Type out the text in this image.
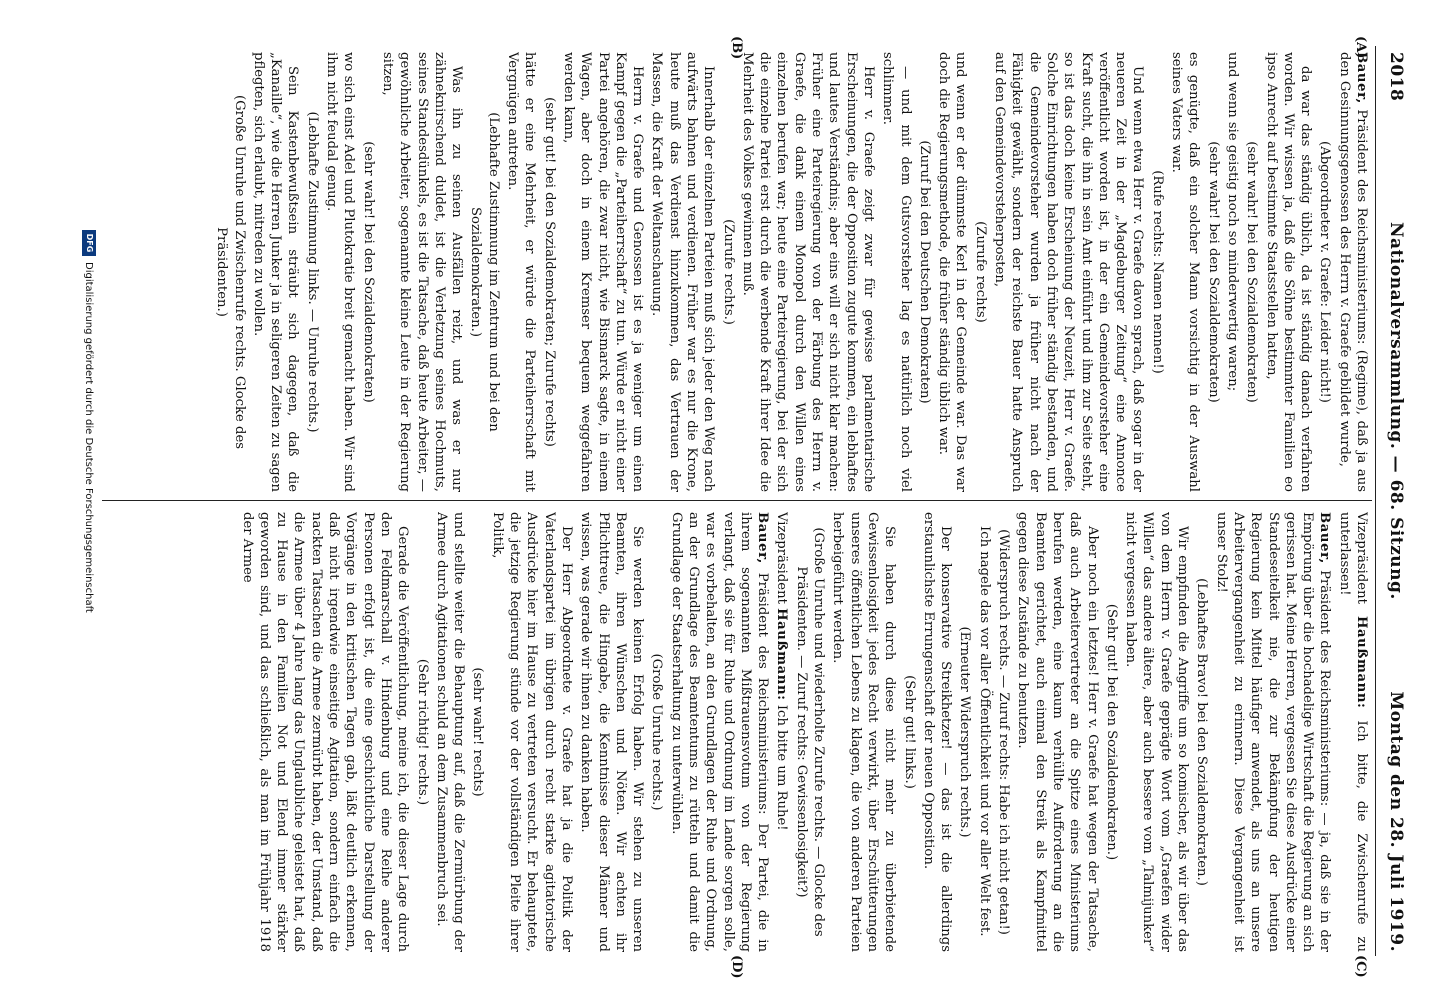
2018
Nationalversammlung. — 68. Sitzung.
Montag den 28. Juli 1919.
(A)
(B)
(C)
(D)

Bauer, Präsident des Reichsministeriums: (Regime), daß ja aus den Gesinnungsgenossen des Herrn v. Graefe gebildet wurde,

(Abgeordneter v. Graefe: Leider nicht!)

da war das ständig üblich, da ist ständig danach verfahren worden. Wir wissen ja, daß die Söhne bestimmter Familien eo ipso Anrecht auf bestimmte Staatsstellen hatten,

(sehr wahr! bei den Sozialdemokraten)

und wenn sie geistig noch so minderwertig waren;

(sehr wahr! bei den Sozialdemokraten)

es genügte, daß ein solcher Mann vorsichtig in der Auswahl seines Vaters war.

(Rufe rechts: Namen nennen!)

Und wenn etwa Herr v. Graefe davon sprach, daß sogar in der neueren Zeit in der „Magdeburger Zeitung“ eine Annonce veröffentlicht worden ist, in der ein Gemeindevorsteher eine Kraft sucht, die ihn in sein Amt einführt und ihm zur Seite steht, so ist das doch keine Erscheinung der Neuzeit, Herr v. Graefe. Solche Einrichtungen haben doch früher ständig bestanden, und die Gemeindevorsteher wurden ja früher nicht nach der Fähigkeit gewählt, sondern der reichste Bauer hatte Anspruch auf den Gemeindevorsteherposten,

(Zurufe rechts)

und wenn er der dümmste Kerl in der Gemeinde war. Das war doch die Regierungsmethode, die früher ständig üblich war.

(Zuruf bei den Deutschen Demokraten)

— und mit dem Gutsvorsteher lag es natürlich noch viel schlimmer.

Herr v. Graefe zeigt zwar für gewisse parlamentarische Erscheinungen, die der Opposition zugute kommen, ein lebhaftes und lautes Verständnis; aber eins will er sich nicht klar machen: Früher eine Parteiregierung von der Färbung des Herrn v. Graefe, die dank einem Monopol durch den Willen eines einzelnen berufen war; heute eine Parteiregierung, bei der sich die einzelne Partei erst durch die werbende Kraft ihrer Idee die Mehrheit des Volkes gewinnen muß.

(Zurufe rechts.)

Innerhalb der einzelnen Parteien muß sich jeder den Weg nach aufwärts bahnen und verdienen. Früher war es nur die Krone, heute muß das Verdienst hinzukommen, das Vertrauen der Massen, die Kraft der Weltanschauung.

Herrn v. Graefe und Genossen ist es ja weniger um einen Kampf gegen die „Parteiherrschaft“ zu tun. Würde er nicht einer Partei angehören, die zwar nicht, wie Bismarck sagte, in einem Wagen, aber doch in einem Kremser bequem weggefahren werden kann,

(sehr gut! bei den Sozialdemokraten; Zurufe rechts)

hätte er eine Mehrheit, er würde die Parteiherrschaft mit Vergnügen antreten.

(Lebhafte Zustimmung im Zentrum und bei den Sozialdemokraten.)

Was ihn zu seinen Ausfällen reizt, und was er nur zähneknirschend duldet, ist die Verletzung seines Hochmuts, seines Standesdünkels, es ist die Tatsache, daß heute Arbeiter, — gewöhnliche Arbeiter, sogenannte kleine Leute in der Regierung sitzen,

(sehr wahr! bei den Sozialdemokraten)

wo sich einst Adel und Plutokratie breit gemacht haben. Wir sind ihm nicht feudal genug.

(Lebhafte Zustimmung links. — Unruhe rechts.)

Sein Kastenbewußtsein sträubt sich dagegen, daß die „Kanaille“, wie die Herren Junker ja in seligeren Zeiten zu sagen pflegten, sich erlaubt, mitreden zu wollen.

(Große Unruhe und Zwischenrufe rechts. Glocke des Präsidenten.)

Vizepräsident Haußmann: Ich bitte, die Zwischenrufe zu unterlassen!

Bauer, Präsident des Reichsministeriums: — ja, daß sie in der Empörung über die hochadelige Wirtschaft die Regierung an sich gerissen hat. Meine Herren, vergessen Sie diese Ausdrücke einer Standeseitelkeit nie, die zur Bekämpfung der heutigen Regierung kein Mittel häufiger anwendet, als uns an unsere Arbeitervergangenheit zu erinnern. Diese Vergangenheit ist unser Stolz!

(Lebhaftes Bravo! bei den Sozialdemokraten.)

Wir empfinden die Angriffe um so komischer, als wir über das von dem Herrn v. Graefe geprägte Wort vom „Graefen wider Willen“ das andere ältere, aber auch bessere vom „Talmijunker“ nicht vergessen haben.

(Sehr gut! bei den Sozialdemokraten.)

Aber noch ein letztes! Herr v. Graefe hat wegen der Tatsache, daß auch Arbeitervertreter an die Spitze eines Ministeriums berufen werden, eine kaum verhüllte Aufforderung an die Beamten gerichtet, auch einmal den Streik als Kampfmittel gegen diese Zustände zu benutzen.

(Widerspruch rechts. — Zuruf rechts: Habe ich nicht getan!)

Ich nagele das vor aller Öffentlichkeit und vor aller Welt fest.

(Erneuter Widerspruch rechts.)

Der konservative Streikhetzer! — das ist die allerdings erstaunlichste Errungenschaft der neuen Opposition.

(Sehr gut! links.)

Sie haben durch diese nicht mehr zu überbietende Gewissenlosigkeit jedes Recht verwirkt, über Erschütterungen unseres öffentlichen Lebens zu klagen, die von anderen Parteien herbeigeführt werden.

(Große Unruhe und wiederholte Zurufe rechts. — Glocke des Präsidenten. — Zuruf rechts: Gewissenlosigkeit?)

Vizepräsident Haußmann: Ich bitte um Ruhe!

Bauer, Präsident des Reichsministeriums: Der Partei, die in ihrem sogenannten Mißtrauensvotum von der Regierung verlangt, daß sie für Ruhe und Ordnung im Lande sorgen solle, war es vorbehalten, an den Grundlagen der Ruhe und Ordnung, an der Grundlage des Beamtentums zu rütteln und damit die Grundlage der Staatserhaltung zu unterwühlen.

(Große Unruhe rechts.)

Sie werden keinen Erfolg haben. Wir stehen zu unseren Beamten, ihren Wünschen und Nöten. Wir achten ihr Pflichttreue, die Hingabe, die Kenntnisse dieser Männer und wissen, was gerade wir ihnen zu danken haben.

Der Herr Abgeordnete v. Graefe hat ja die Politik der Vaterlandspartei im übrigen durch recht starke agitatorische Ausdrücke hier im Hause zu vertreten versucht. Er behauptete, die jetzige Regierung stünde vor der vollständigen Pleite ihrer Politik,

(sehr wahr! rechts)

und stellte weiter die Behauptung auf, daß die Zermürbung der Armee durch Agitationen schuld an dem Zusammenbruch sei.

(Sehr richtig! rechts.)

Gerade die Veröffentlichung, meine ich, die dieser Lage durch den Feldmarschall v. Hindenburg und eine Reihe anderer Personen erfolgt ist, die eine geschichtliche Darstellung der Vorgänge in den kritischen Tagen gab, läßt deutlich erkennen, daß nicht irgendwie einseitige Agitation, sondern einfach die nackten Tatsachen die Armee zermürbt haben, der Umstand, daß die Armee über 4 Jahre lang das Unglaubliche geleistet hat, daß zu Hause in den Familien Not und Elend immer stärker geworden sind, und das schließlich, als man im Frühjahr 1918 der Armee

DFG
Digitalisierung gefördert durch die Deutsche Forschungsgemeinschaft
